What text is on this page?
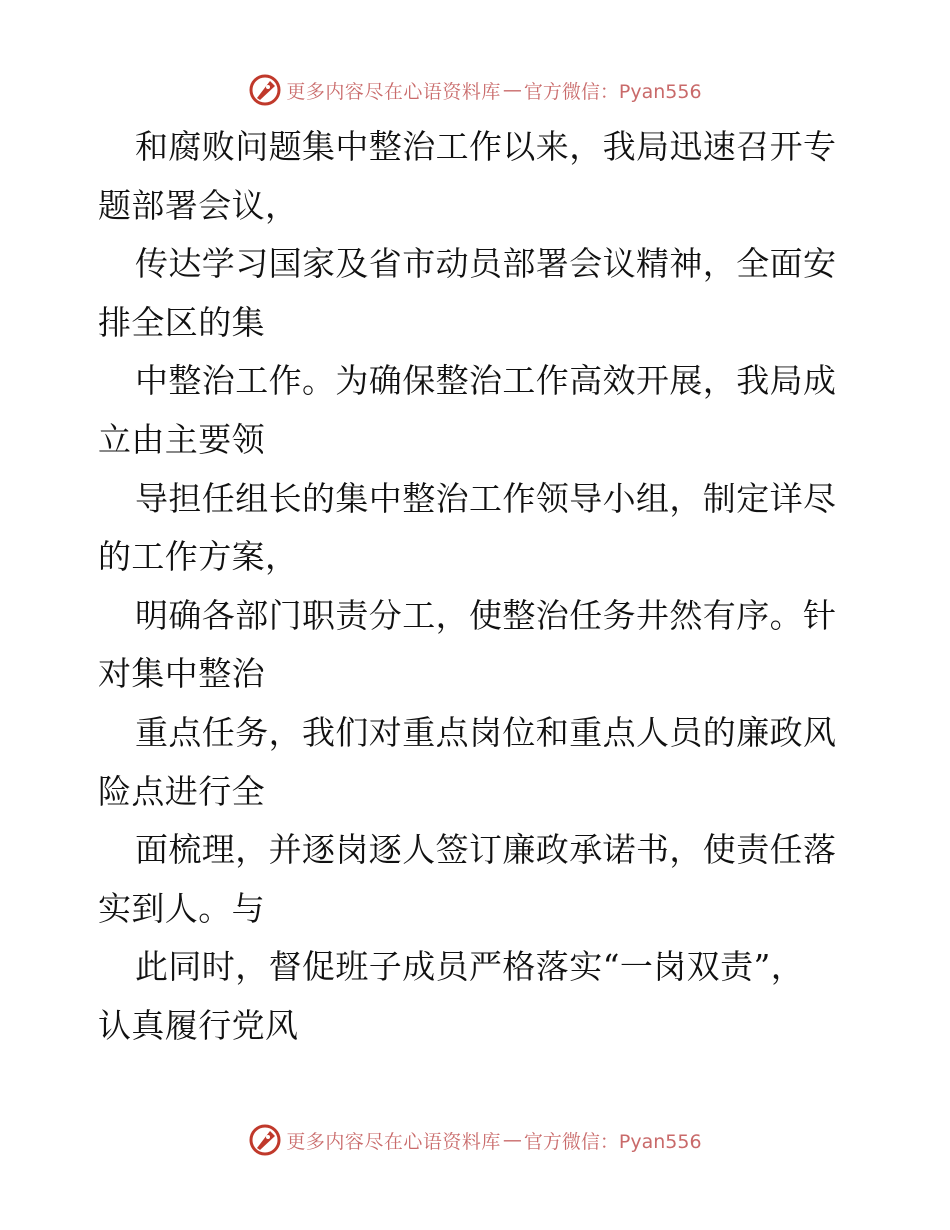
更多内容尽在心语资料库 — 官方微信：Pyan556
和腐败问题集中整治工作以来，我局迅速召开专
题部署会议，
传达学习国家及省市动员部署会议精神，全面安
排全区的集
中整治工作。为确保整治工作高效开展，我局成
立由主要领
导担任组长的集中整治工作领导小组，制定详尽
的工作方案，
明确各部门职责分工，使整治任务井然有序。针
对集中整治
重点任务，我们对重点岗位和重点人员的廉政风
险点进行全
面梳理，并逐岗逐人签订廉政承诺书，使责任落
实到人。与
此同时，督促班子成员严格落实“一岗双责”，
认真履行党风
更多内容尽在心语资料库 — 官方微信：Pyan556
